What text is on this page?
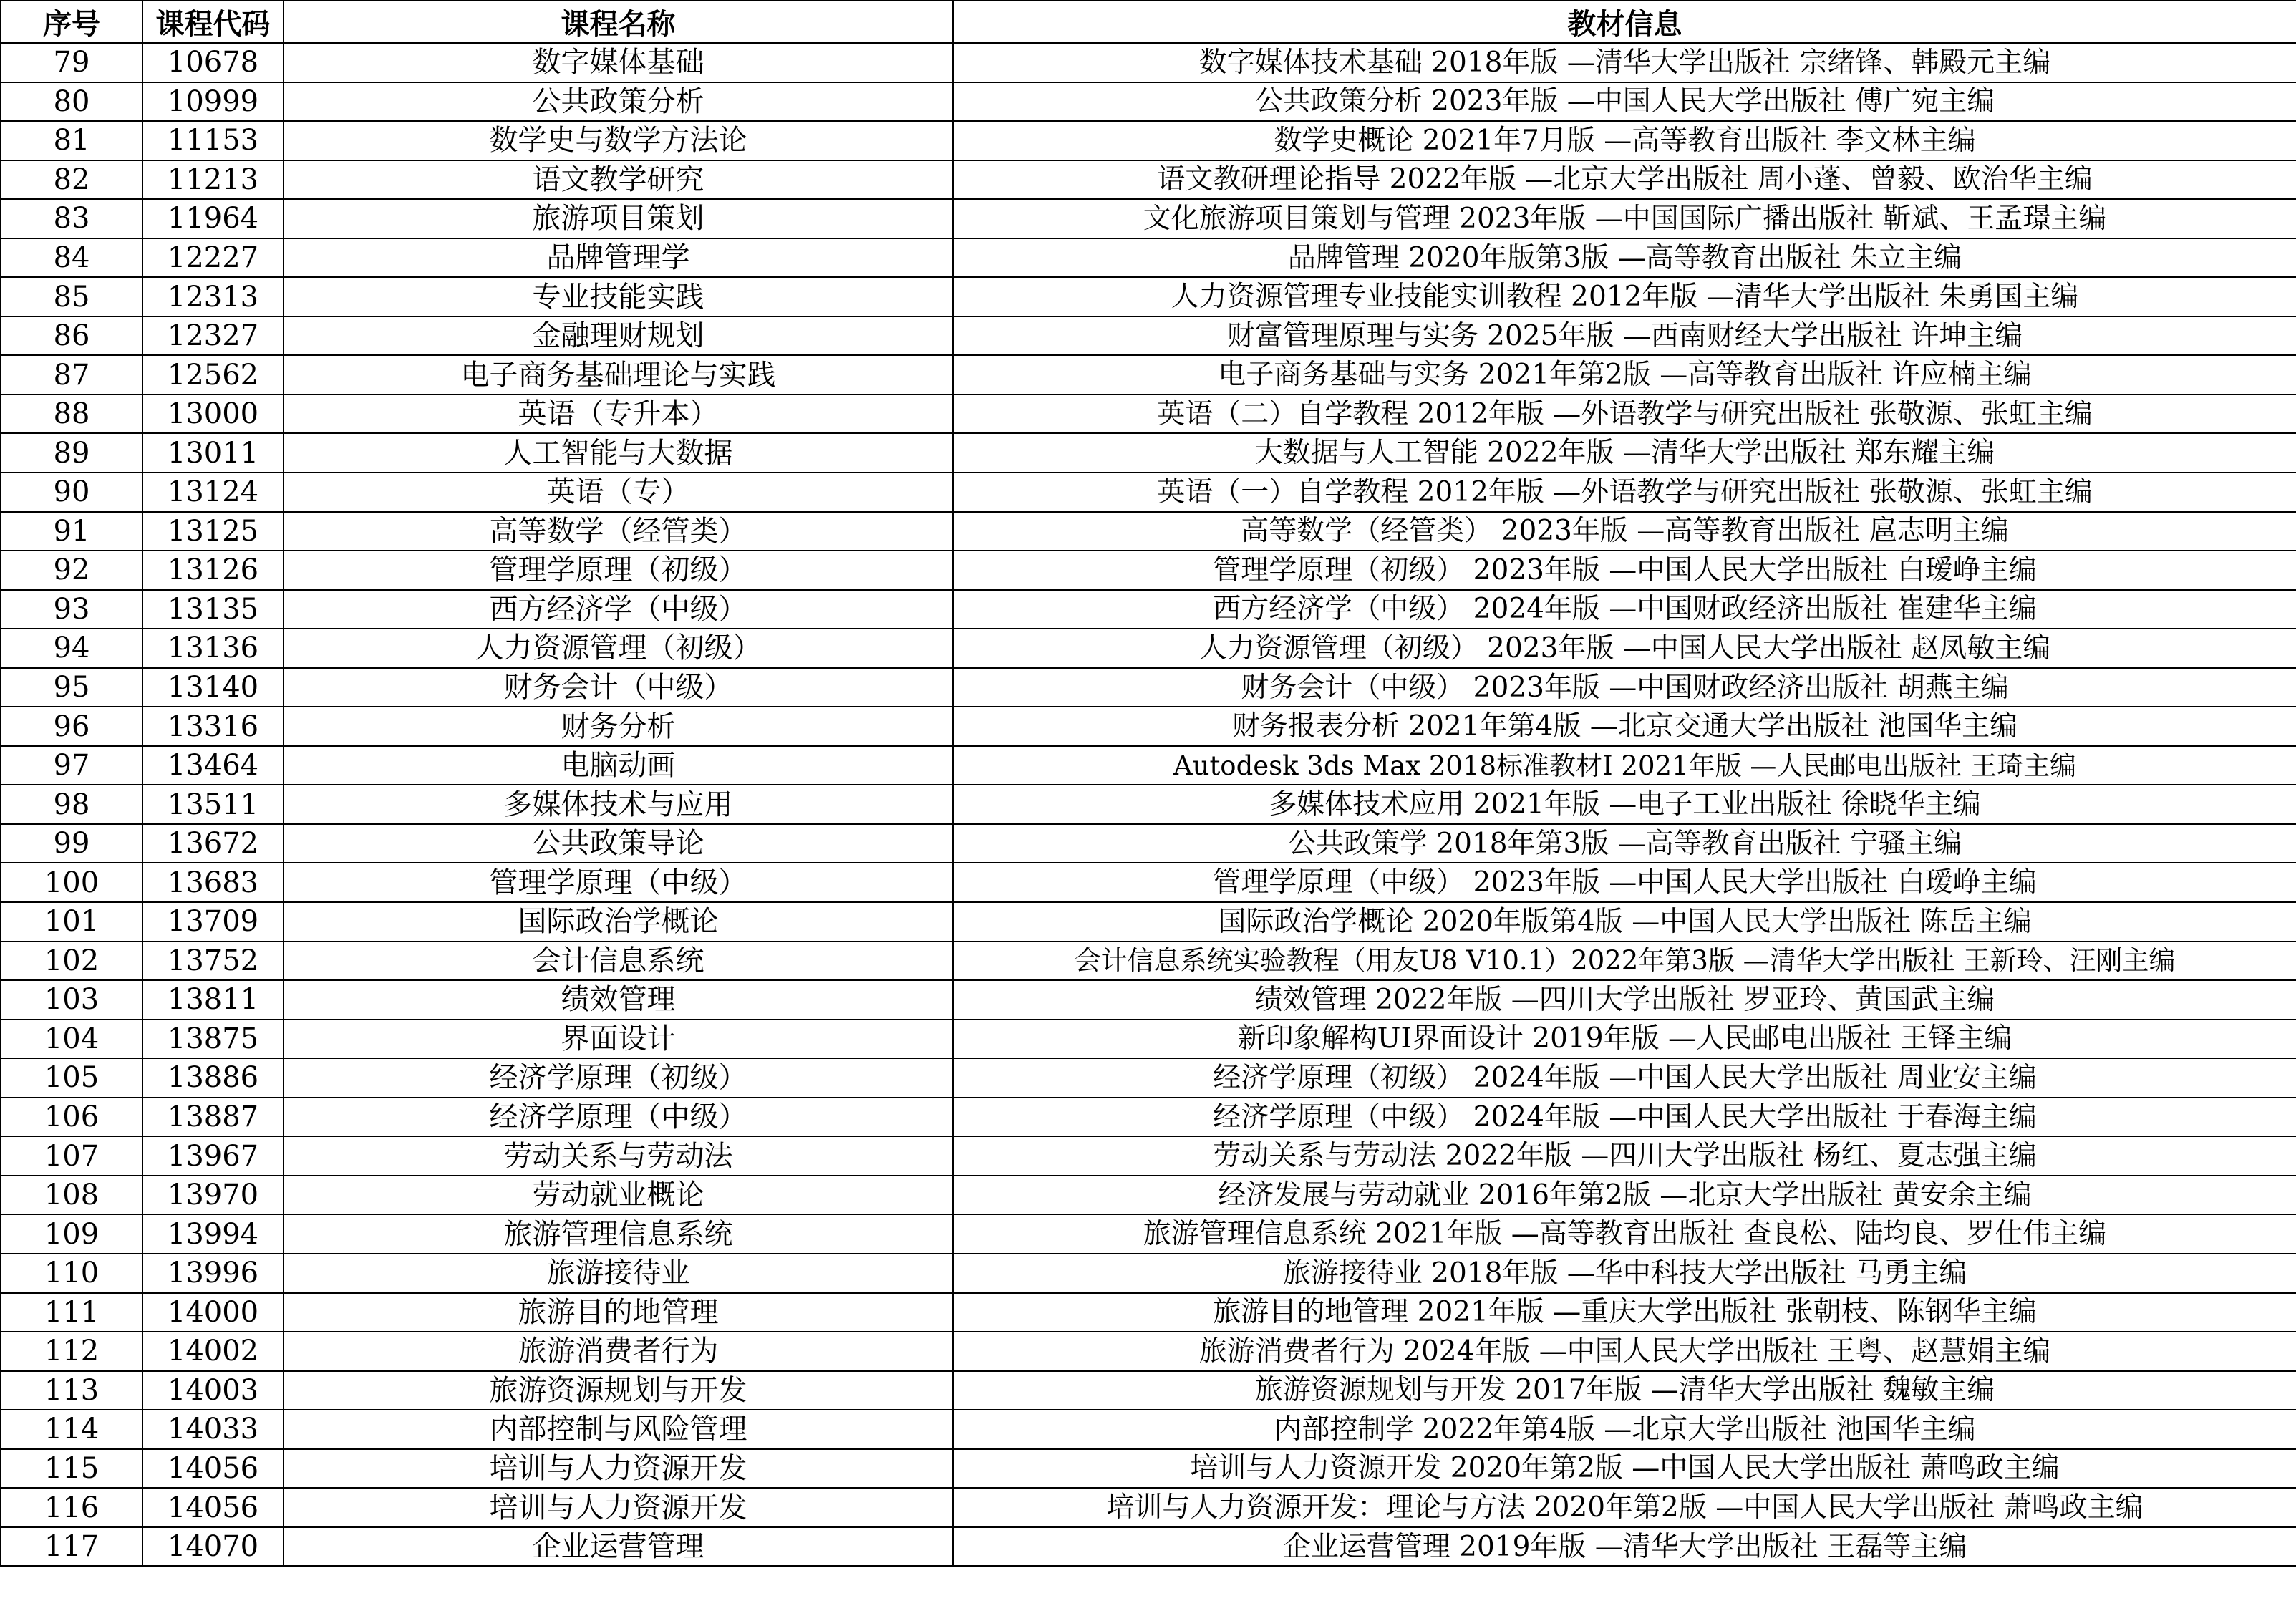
序号	课程代码	课程名称	教材信息
79	10678	数字媒体基础	数字媒体技术基础 2018年版 —清华大学出版社 宗绪锋、韩殿元主编
80	10999	公共政策分析	公共政策分析 2023年版 —中国人民大学出版社 傅广宛主编
81	11153	数学史与数学方法论	数学史概论 2021年7月版 —高等教育出版社 李文林主编
82	11213	语文教学研究	语文教研理论指导 2022年版 —北京大学出版社 周小蓬、曾毅、欧治华主编
83	11964	旅游项目策划	文化旅游项目策划与管理 2023年版 —中国国际广播出版社 靳斌、王孟璟主编
84	12227	品牌管理学	品牌管理 2020年版第3版 —高等教育出版社 朱立主编
85	12313	专业技能实践	人力资源管理专业技能实训教程 2012年版 —清华大学出版社 朱勇国主编
86	12327	金融理财规划	财富管理原理与实务 2025年版 —西南财经大学出版社 许坤主编
87	12562	电子商务基础理论与实践	电子商务基础与实务 2021年第2版 —高等教育出版社 许应楠主编
88	13000	英语（专升本）	英语（二）自学教程 2012年版 —外语教学与研究出版社 张敬源、张虹主编
89	13011	人工智能与大数据	大数据与人工智能 2022年版 —清华大学出版社 郑东耀主编
90	13124	英语（专）	英语（一）自学教程 2012年版 —外语教学与研究出版社 张敬源、张虹主编
91	13125	高等数学（经管类）	高等数学（经管类） 2023年版 —高等教育出版社 扈志明主编
92	13126	管理学原理（初级）	管理学原理（初级） 2023年版 —中国人民大学出版社 白瑷峥主编
93	13135	西方经济学（中级）	西方经济学（中级） 2024年版 —中国财政经济出版社 崔建华主编
94	13136	人力资源管理（初级）	人力资源管理（初级） 2023年版 —中国人民大学出版社 赵凤敏主编
95	13140	财务会计（中级）	财务会计（中级） 2023年版 —中国财政经济出版社 胡燕主编
96	13316	财务分析	财务报表分析 2021年第4版 —北京交通大学出版社 池国华主编
97	13464	电脑动画	Autodesk 3ds Max 2018标准教材I 2021年版 —人民邮电出版社 王琦主编
98	13511	多媒体技术与应用	多媒体技术应用 2021年版 —电子工业出版社 徐晓华主编
99	13672	公共政策导论	公共政策学 2018年第3版 —高等教育出版社 宁骚主编
100	13683	管理学原理（中级）	管理学原理（中级） 2023年版 —中国人民大学出版社 白瑷峥主编
101	13709	国际政治学概论	国际政治学概论 2020年版第4版 —中国人民大学出版社 陈岳主编
102	13752	会计信息系统	会计信息系统实验教程（用友U8 V10.1）2022年第3版 —清华大学出版社 王新玲、汪刚主编
103	13811	绩效管理	绩效管理 2022年版 —四川大学出版社 罗亚玲、黄国武主编
104	13875	界面设计	新印象解构UI界面设计 2019年版 —人民邮电出版社 王铎主编
105	13886	经济学原理（初级）	经济学原理（初级） 2024年版 —中国人民大学出版社 周业安主编
106	13887	经济学原理（中级）	经济学原理（中级） 2024年版 —中国人民大学出版社 于春海主编
107	13967	劳动关系与劳动法	劳动关系与劳动法 2022年版 —四川大学出版社 杨红、夏志强主编
108	13970	劳动就业概论	经济发展与劳动就业 2016年第2版 —北京大学出版社 黄安余主编
109	13994	旅游管理信息系统	旅游管理信息系统 2021年版 —高等教育出版社 查良松、陆均良、罗仕伟主编
110	13996	旅游接待业	旅游接待业 2018年版 —华中科技大学出版社 马勇主编
111	14000	旅游目的地管理	旅游目的地管理 2021年版 —重庆大学出版社 张朝枝、陈钢华主编
112	14002	旅游消费者行为	旅游消费者行为 2024年版 —中国人民大学出版社 王粤、赵慧娟主编
113	14003	旅游资源规划与开发	旅游资源规划与开发 2017年版 —清华大学出版社 魏敏主编
114	14033	内部控制与风险管理	内部控制学 2022年第4版 —北京大学出版社 池国华主编
115	14056	培训与人力资源开发	培训与人力资源开发 2020年第2版 —中国人民大学出版社 萧鸣政主编
116	14056	培训与人力资源开发	培训与人力资源开发：理论与方法 2020年第2版 —中国人民大学出版社 萧鸣政主编
117	14070	企业运营管理	企业运营管理 2019年版 —清华大学出版社 王磊等主编
